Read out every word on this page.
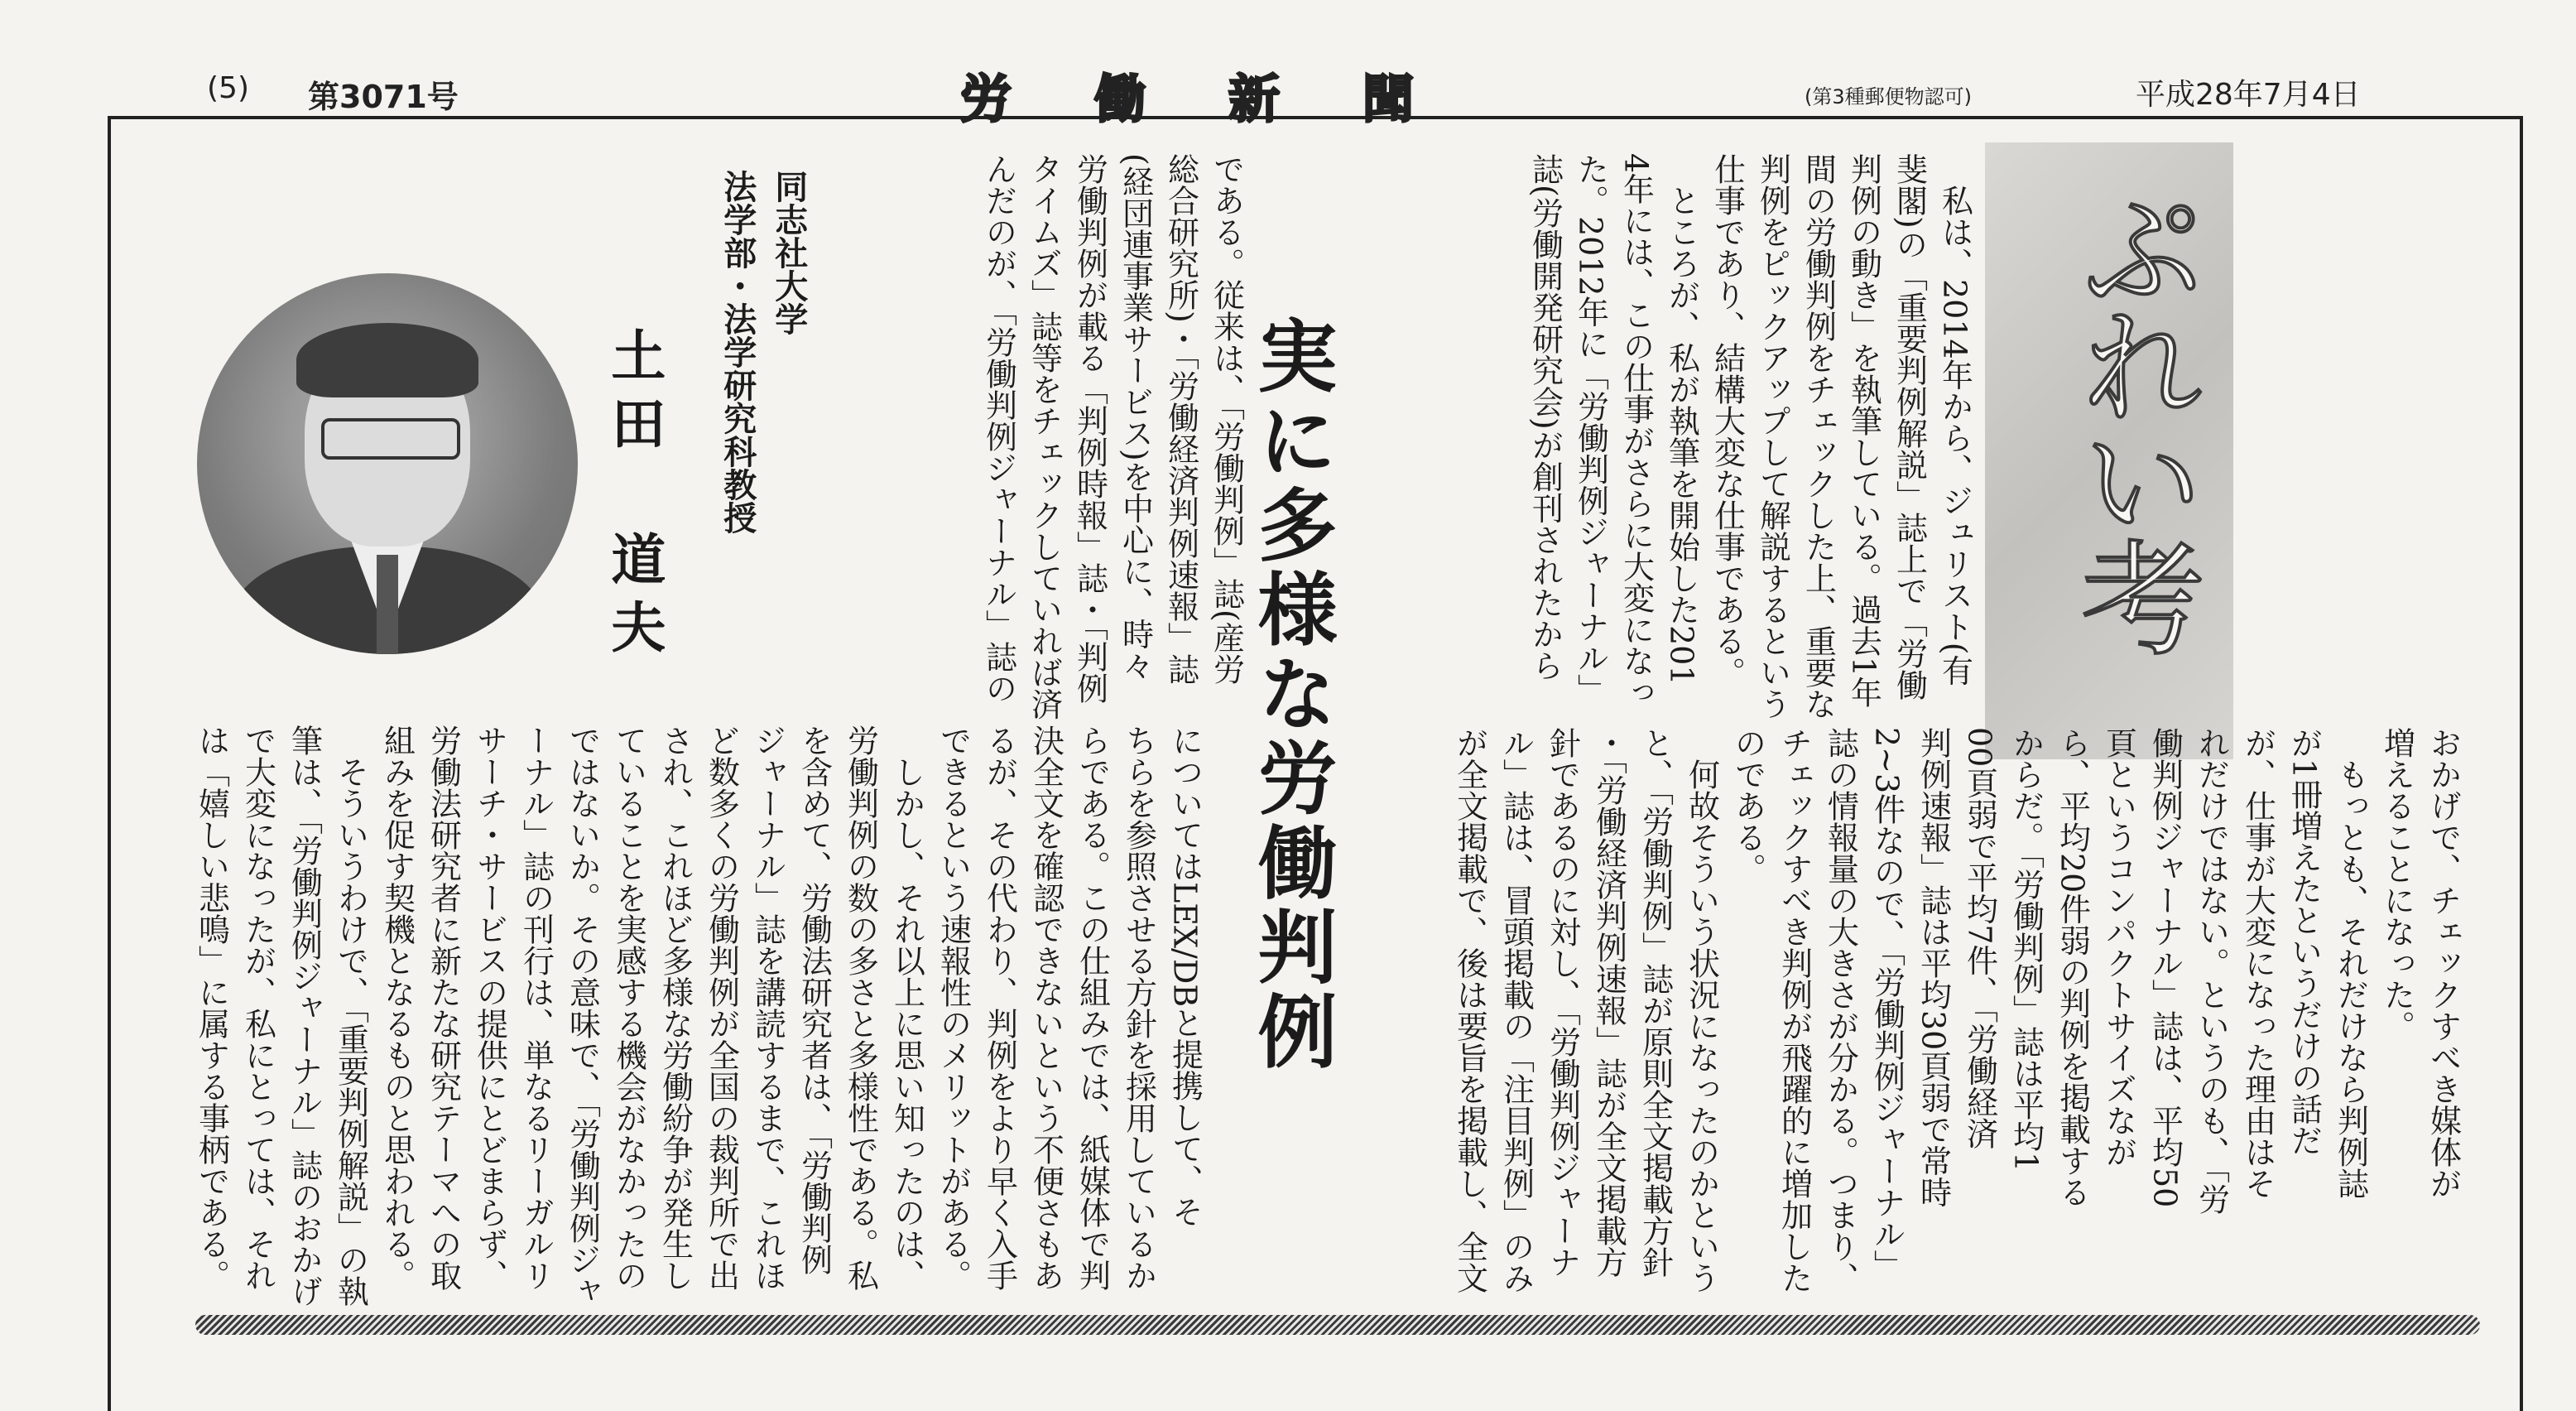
(5) 第3071号	労働新聞	(第3種郵便物認可)	平成28年7月4日
ぷれい考
実に多様な労働判例
同志社大学
法学部・法学研究科教授
土田　道夫
おかげで、チェックすべき媒体が
増えることになった。
　もっとも、それだけなら判例誌
が1冊増えたというだけの話だ
が、仕事が大変になった理由はそ
れだけではない。というのも、「労
働判例ジャーナル」誌は、平均50
頁というコンパクトサイズなが
ら、平均20件弱の判例を掲載する
からだ。「労働判例」誌は平均1
00頁弱で平均7件、「労働経済
判例速報」誌は平均30頁弱で常時
2~3件なので、「労働判例ジャーナル」
誌の情報量の大きさが分かる。つまり、
チェックすべき判例が飛躍的に増加した
のである。
　何故そういう状況になったのかという
と、「労働判例」誌が原則全文掲載方針
・「労働経済判例速報」誌が全文掲載方
針であるのに対し、「労働判例ジャーナ
ル」誌は、冒頭掲載の「注目判例」のみ
が全文掲載で、後は要旨を掲載し、全文
　私は、2014年から、ジュリスト(有
斐閣)の「重要判例解説」誌上で「労働
判例の動き」を執筆している。過去1年
間の労働判例をチェックした上、重要な
判例をピックアップして解説するという
仕事であり、結構大変な仕事である。
　ところが、私が執筆を開始した201
4年には、この仕事がさらに大変になっ
た。2012年に「労働判例ジャーナル」
誌(労働開発研究会)が創刊されたから
である。従来は、「労働判例」誌(産労
総合研究所)・「労働経済判例速報」誌
(経団連事業サービス)を中心に、時々
労働判例が載る「判例時報」誌・「判例
タイムズ」誌等をチェックしていれば済
んだのが、「労働判例ジャーナル」誌の
についてはLEX/DBと提携して、そ
ちらを参照させる方針を採用しているか
らである。この仕組みでは、紙媒体で判
決全文を確認できないという不便さもあ
るが、その代わり、判例をより早く入手
できるという速報性のメリットがある。
　しかし、それ以上に思い知ったのは、
労働判例の数の多さと多様性である。私
を含めて、労働法研究者は、「労働判例
ジャーナル」誌を講読するまで、これほ
ど数多くの労働判例が全国の裁判所で出
され、これほど多様な労働紛争が発生し
ていることを実感する機会がなかったの
ではないか。その意味で、「労働判例ジャ
ーナル」誌の刊行は、単なるリーガルリ
サーチ・サービスの提供にとどまらず、
労働法研究者に新たな研究テーマへの取
組みを促す契機となるものと思われる。
　そういうわけで、「重要判例解説」の執
筆は、「労働判例ジャーナル」誌のおかげ
で大変になったが、私にとっては、それ
は「嬉しい悲鳴」に属する事柄である。
